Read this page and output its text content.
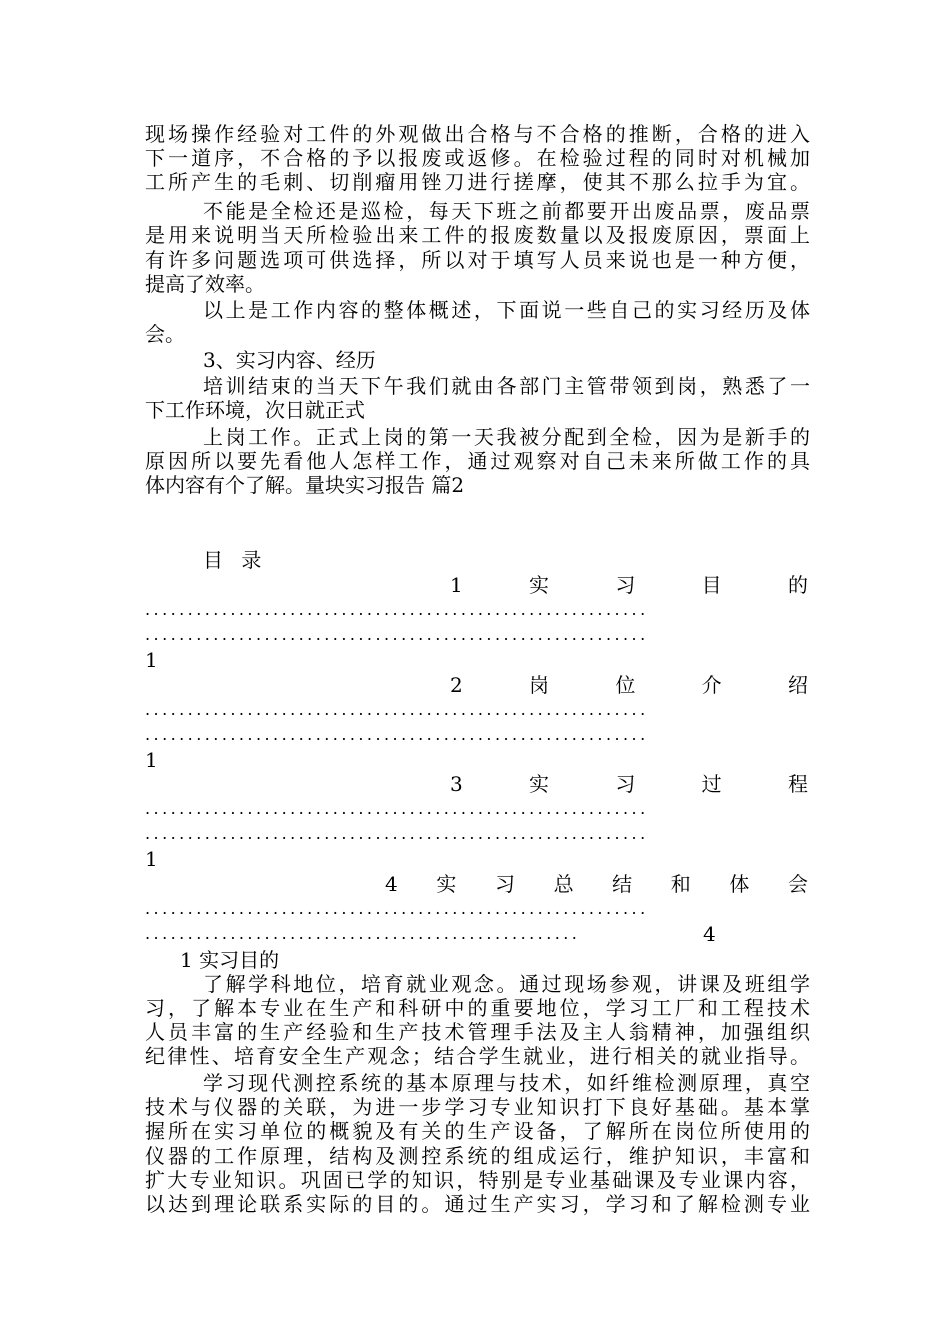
现场操作经验对工件的外观做出合格与不合格的推断，合格的进入
下一道序，不合格的予以报废或返修。在检验过程的同时对机械加
工所产生的毛刺、切削瘤用锉刀进行搓摩，使其不那么拉手为宜。
不能是全检还是巡检，每天下班之前都要开出废品票，废品票
是用来说明当天所检验出来工件的报废数量以及报废原因，票面上
有许多问题选项可供选择，所以对于填写人员来说也是一种方便，
提高了效率。
以上是工作内容的整体概述，下面说一些自己的实习经历及体
会。
3、实习内容、经历
培训结束的当天下午我们就由各部门主管带领到岗，熟悉了一
下工作环境，次日就正式
上岗工作。正式上岗的第一天我被分配到全检，因为是新手的
原因所以要先看他人怎样工作，通过观察对自己未来所做工作的具
体内容有个了解。量块实习报告 篇2
目 录
1	实	习	目	的
...........................................................
...........................................................
1
2	岗	位	介	绍
...........................................................
...........................................................
1
3	实	习	过	程
...........................................................
...........................................................
1
4 实 习 总 结 和 体 会
...........................................................
...................................................	4
1 实习目的
了解学科地位，培育就业观念。通过现场参观，讲课及班组学
习，了解本专业在生产和科研中的重要地位，学习工厂和工程技术
人员丰富的生产经验和生产技术管理手法及主人翁精神，加强组织
纪律性、培育安全生产观念；结合学生就业，进行相关的就业指导。
学习现代测控系统的基本原理与技术，如纤维检测原理，真空
技术与仪器的关联，为进一步学习专业知识打下良好基础。基本掌
握所在实习单位的概貌及有关的生产设备，了解所在岗位所使用的
仪器的工作原理，结构及测控系统的组成运行，维护知识，丰富和
扩大专业知识。巩固已学的知识，特别是专业基础课及专业课内容，
以达到理论联系实际的目的。通过生产实习，学习和了解检测专业
